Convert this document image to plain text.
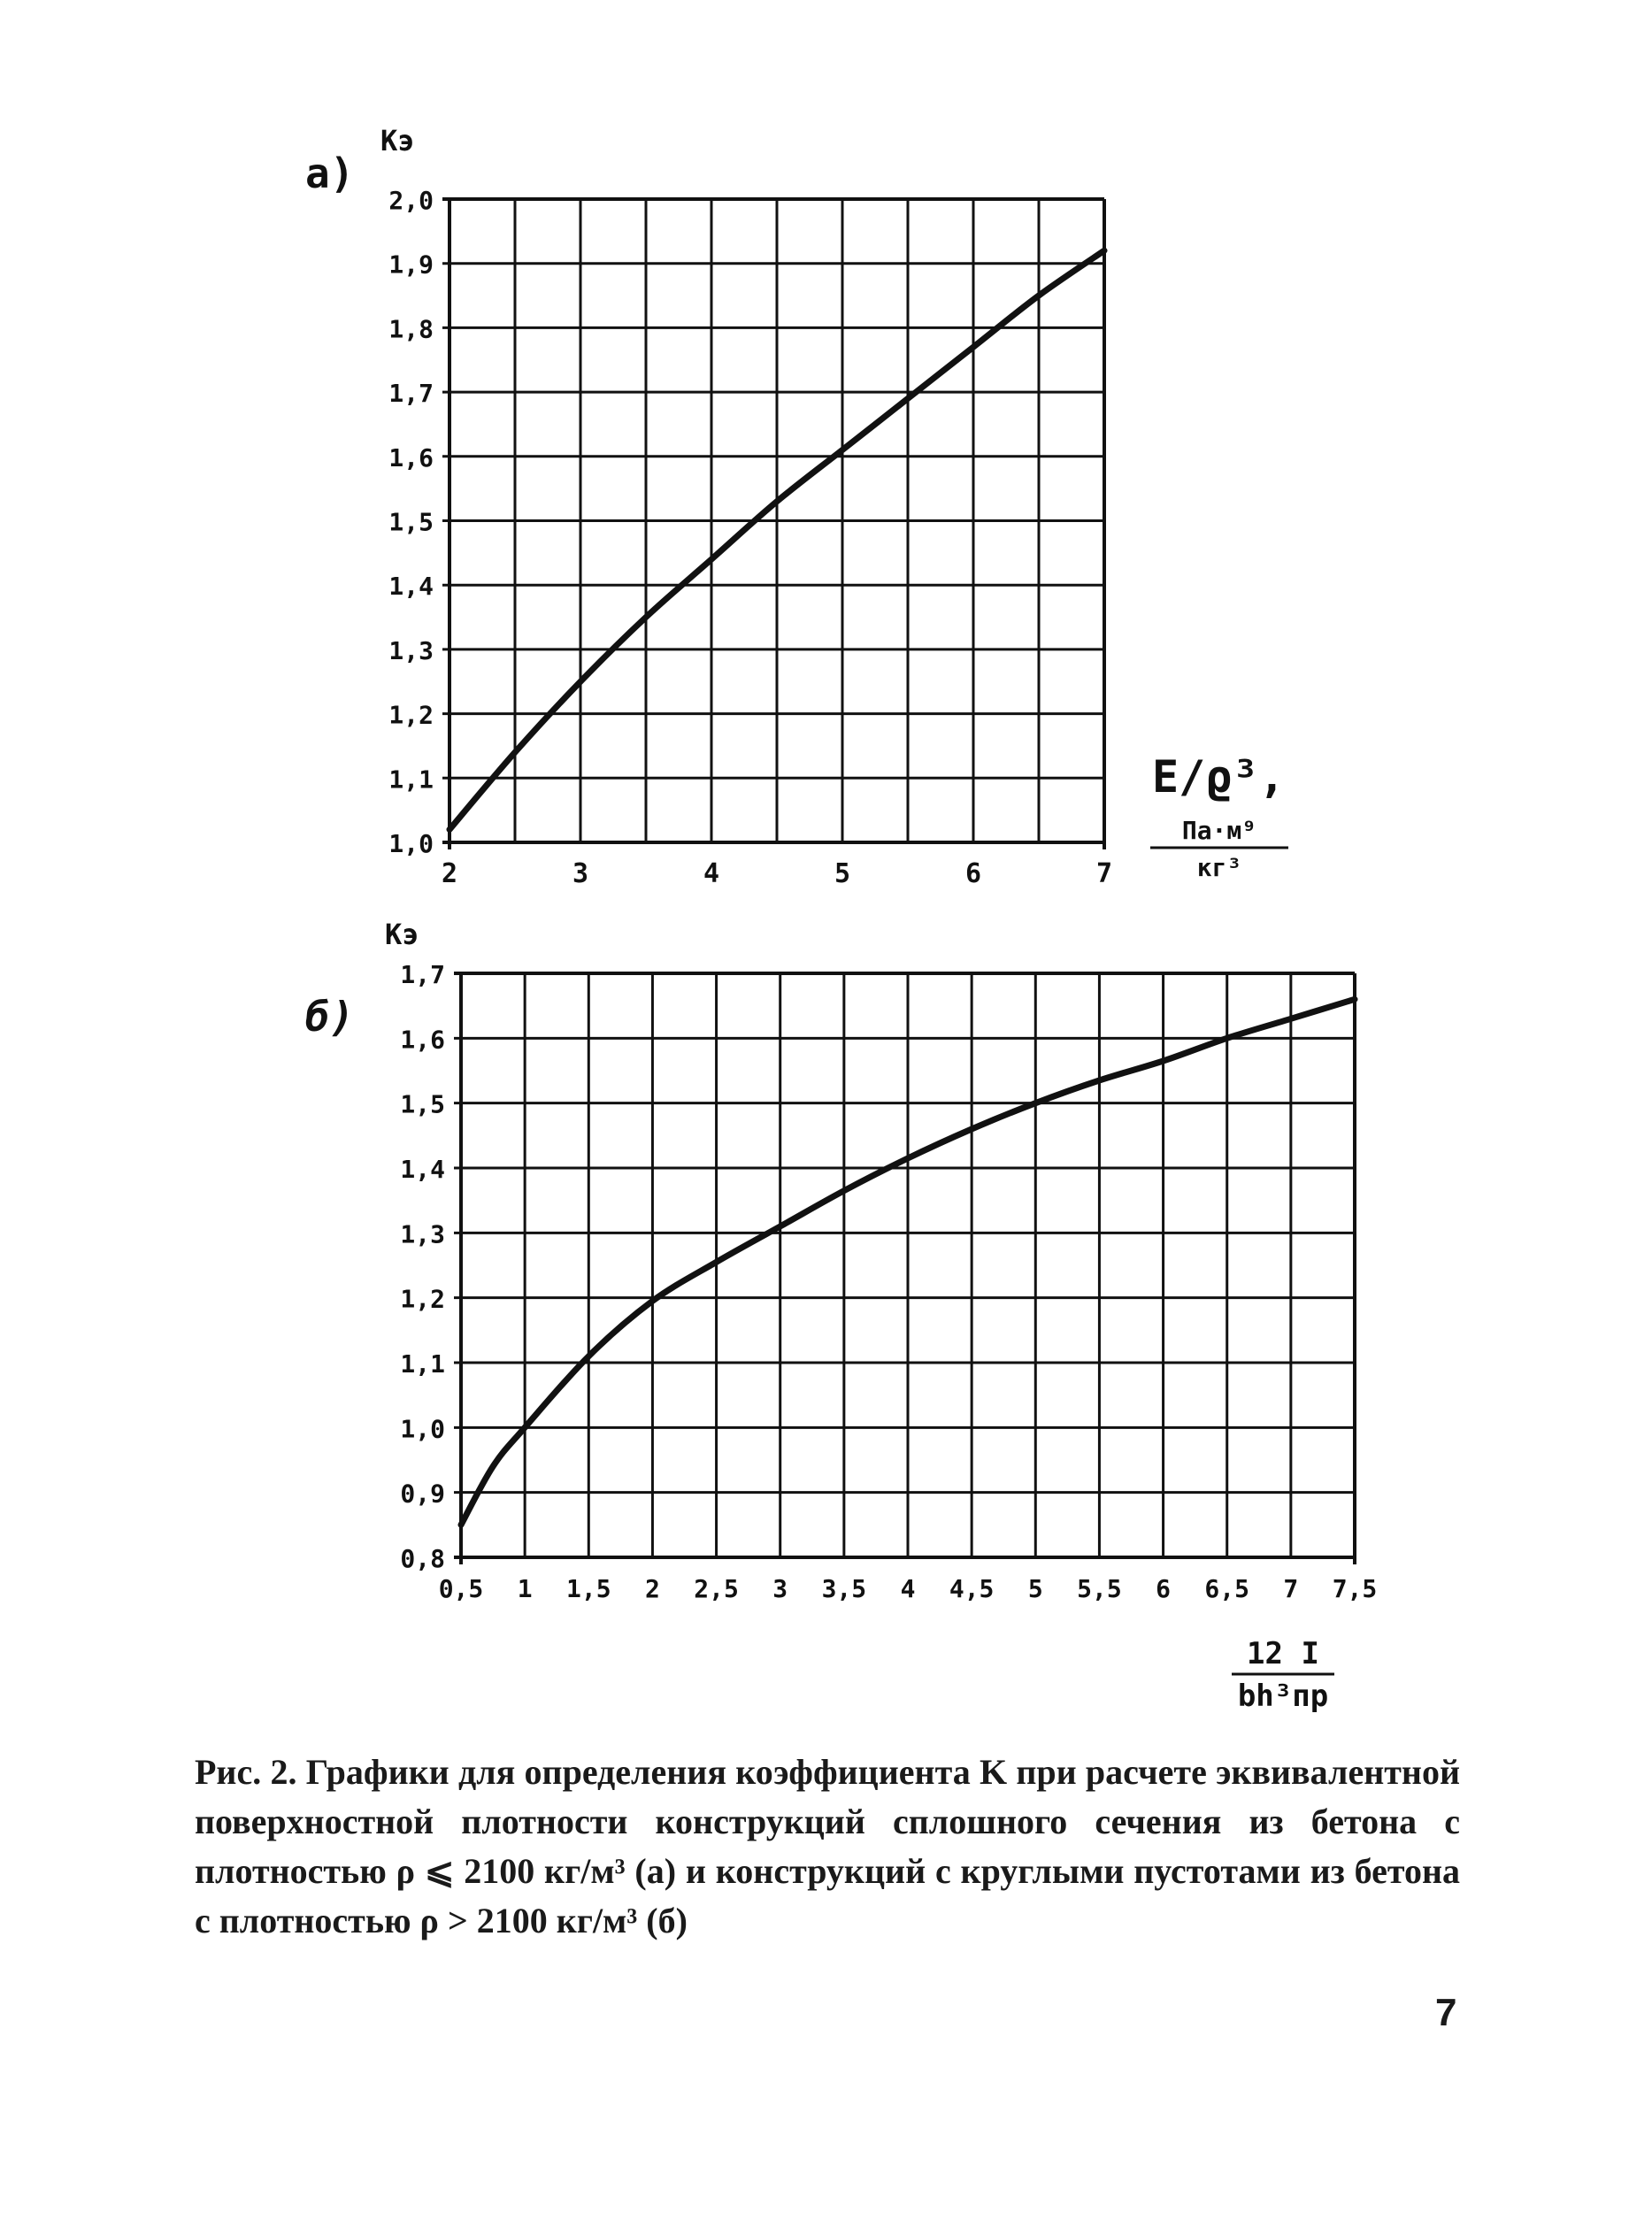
a)
Kэ
E/ϱ³,
Па·м⁹
кг³
1,0
1,1
1,2
1,3
1,4
1,5
1,6
1,7
1,8
1,9
2,0
2	3	4	5	6	7
б)
Kэ
12 I
bh³пр
0,8
0,9
1,0
1,1
1,2
1,3
1,4
1,5
1,6
1,7
0,5 1 1,5 2 2,5 3 3,5 4 4,5 5 5,5 6 6,5 7 7,5
Рис. 2. Графики для определения коэффициента K при расчете эквивалентной поверхностной плотности конструкций сплошного сечения из бетона с плотностью ρ ⩽ 2100 кг/м³ (а) и конструкций с круглыми пустотами из бетона с плотностью ρ > 2100 кг/м³ (б)
7
